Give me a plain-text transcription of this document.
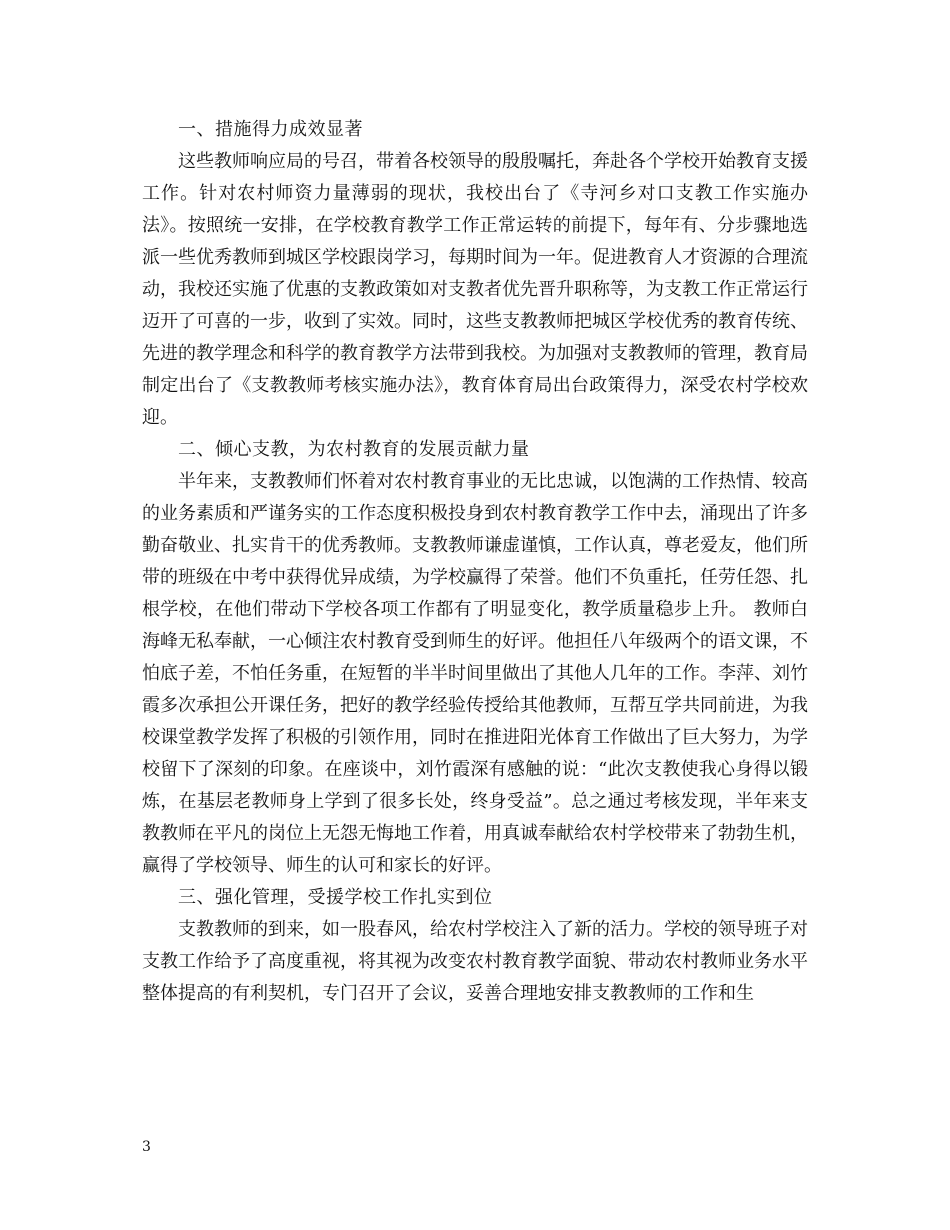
一、措施得力成效显著

这些教师响应局的号召，带着各校领导的殷殷嘱托，奔赴各个学校开始教育支援工作。针对农村师资力量薄弱的现状，我校出台了《寺河乡对口支教工作实施办法》。按照统一安排，在学校教育教学工作正常运转的前提下，每年有、分步骤地选派一些优秀教师到城区学校跟岗学习，每期时间为一年。促进教育人才资源的合理流动，我校还实施了优惠的支教政策如对支教者优先晋升职称等，为支教工作正常运行迈开了可喜的一步，收到了实效。同时，这些支教教师把城区学校优秀的教育传统、先进的教学理念和科学的教育教学方法带到我校。为加强对支教教师的管理，教育局制定出台了《支教教师考核实施办法》，教育体育局出台政策得力，深受农村学校欢迎。

二、倾心支教，为农村教育的发展贡献力量

半年来，支教教师们怀着对农村教育事业的无比忠诚，以饱满的工作热情、较高的业务素质和严谨务实的工作态度积极投身到农村教育教学工作中去，涌现出了许多勤奋敬业、扎实肯干的优秀教师。支教教师谦虚谨慎，工作认真，尊老爱友，他们所带的班级在中考中获得优异成绩，为学校赢得了荣誉。他们不负重托，任劳任怨、扎根学校，在他们带动下学校各项工作都有了明显变化，教学质量稳步上升。 教师白海峰无私奉献，一心倾注农村教育受到师生的好评。他担任八年级两个的语文课，不怕底子差，不怕任务重，在短暂的半半时间里做出了其他人几年的工作。李萍、刘竹霞多次承担公开课任务，把好的教学经验传授给其他教师，互帮互学共同前进，为我校课堂教学发挥了积极的引领作用，同时在推进阳光体育工作做出了巨大努力，为学校留下了深刻的印象。在座谈中，刘竹霞深有感触的说：“此次支教使我心身得以锻炼，在基层老教师身上学到了很多长处，终身受益”。总之通过考核发现，半年来支教教师在平凡的岗位上无怨无悔地工作着，用真诚奉献给农村学校带来了勃勃生机，赢得了学校领导、师生的认可和家长的好评。

三、强化管理，受援学校工作扎实到位

支教教师的到来，如一股春风，给农村学校注入了新的活力。学校的领导班子对支教工作给予了高度重视，将其视为改变农村教育教学面貌、带动农村教师业务水平整体提高的有利契机，专门召开了会议，妥善合理地安排支教教师的工作和生

3
